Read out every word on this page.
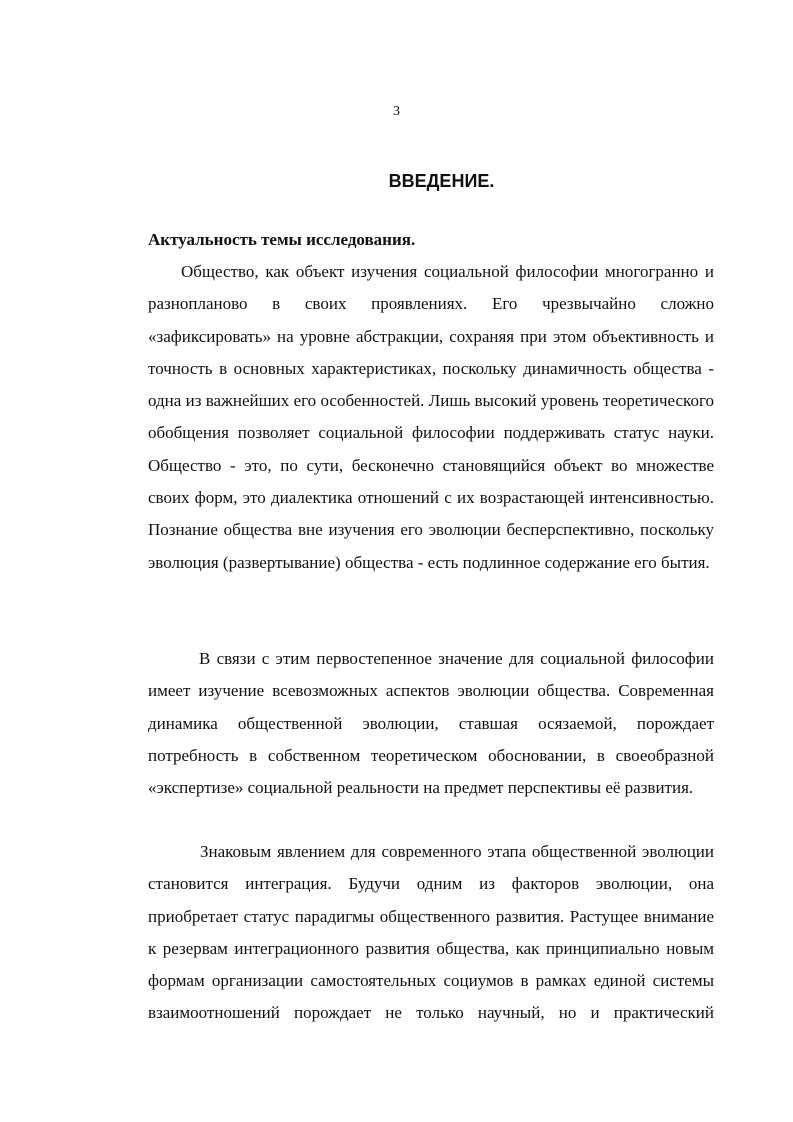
3
ВВЕДЕНИЕ.
Актуальность темы исследования.
Общество, как объект изучения социальной философии многогранно и разнопланово в своих проявлениях. Его чрезвычайно сложно «зафиксировать» на уровне абстракции, сохраняя при этом объективность и точность в основных характеристиках, поскольку динамичность общества - одна из важнейших его особенностей. Лишь высокий уровень теоретического обобщения позволяет социальной философии поддерживать статус науки. Общество - это, по сути, бесконечно становящийся объект во множестве своих форм, это диалектика отношений с их возрастающей интенсивностью. Познание общества вне изучения его эволюции бесперспективно, поскольку эволюция (развертывание) общества - есть подлинное содержание его бытия.
В связи с этим первостепенное значение для социальной философии имеет изучение всевозможных аспектов эволюции общества. Современная динамика общественной эволюции, ставшая осязаемой, порождает потребность в собственном теоретическом обосновании, в своеобразной «экспертизе» социальной реальности на предмет перспективы её развития.
Знаковым явлением для современного этапа общественной эволюции становится интеграция. Будучи одним из факторов эволюции, она приобретает статус парадигмы общественного развития. Растущее внимание к резервам интеграционного развития общества, как принципиально новым формам организации самостоятельных социумов в рамках единой системы взаимоотношений порождает не только научный, но и практический
